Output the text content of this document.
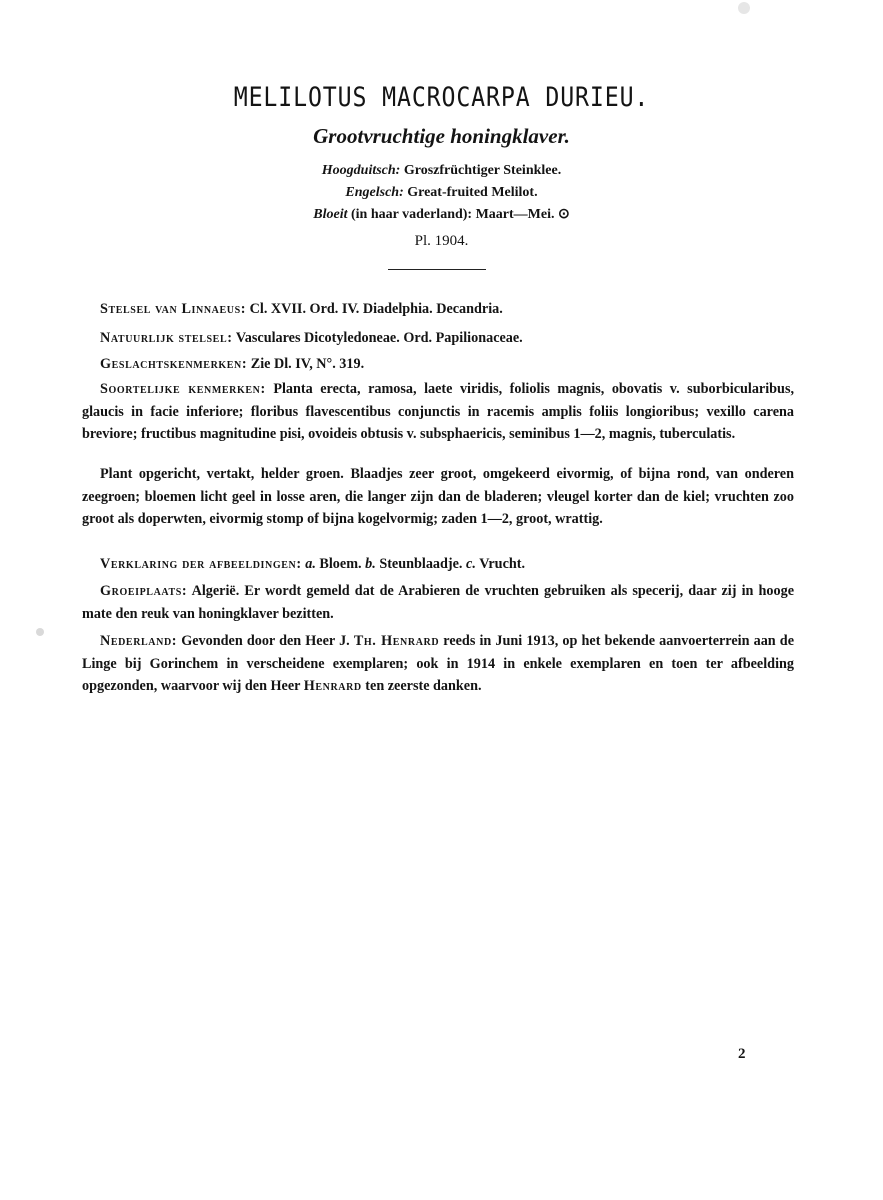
MELILOTUS MACROCARPA DURIEU.
Grootvruchtige honingklaver.
Hoogduitsch: Groszfrüchtiger Steinklee.
Engelsch: Great-fruited Melilot.
Bloeit (in haar vaderland): Maart—Mei. ⊙
Pl. 1904.
Stelsel van Linnaeus: Cl. XVII. Ord. IV. Diadelphia. Decandria.
Natuurlijk stelsel: Vasculares Dicotyledoneae. Ord. Papilionaceae.
Geslachtskenmerken: Zie Dl. IV, N°. 319.
Soortelijke kenmerken: Planta erecta, ramosa, laete viridis, foliolis magnis, obovatis v. suborbicularibus, glaucis in facie inferiore; floribus flavescentibus conjunctis in racemis amplis foliis longioribus; vexillo carena breviore; fructibus magnitudine pisi, ovoideis obtusis v. subsphaericis, seminibus 1—2, magnis, tuberculatis.
Plant opgericht, vertakt, helder groen. Blaadjes zeer groot, omgekeerd eivormig, of bijna rond, van onderen zeegroen; bloemen licht geel in losse aren, die langer zijn dan de bladeren; vleugel korter dan de kiel; vruchten zoo groot als doperwten, eivormig stomp of bijna kogelvormig; zaden 1—2, groot, wrattig.
Verklaring der afbeeldingen: a. Bloem. b. Steunblaadje. c. Vrucht.
Groeiplaats: Algerië. Er wordt gemeld dat de Arabieren de vruchten gebruiken als specerij, daar zij in hooge mate den reuk van honingklaver bezitten.
Nederland: Gevonden door den Heer J. Th. Henrard reeds in Juni 1913, op het bekende aanvoerterrein aan de Linge bij Gorinchem in verscheidene exemplaren; ook in 1914 in enkele exemplaren en toen ter afbeelding opgezonden, waarvoor wij den Heer Henrard ten zeerste danken.
2
